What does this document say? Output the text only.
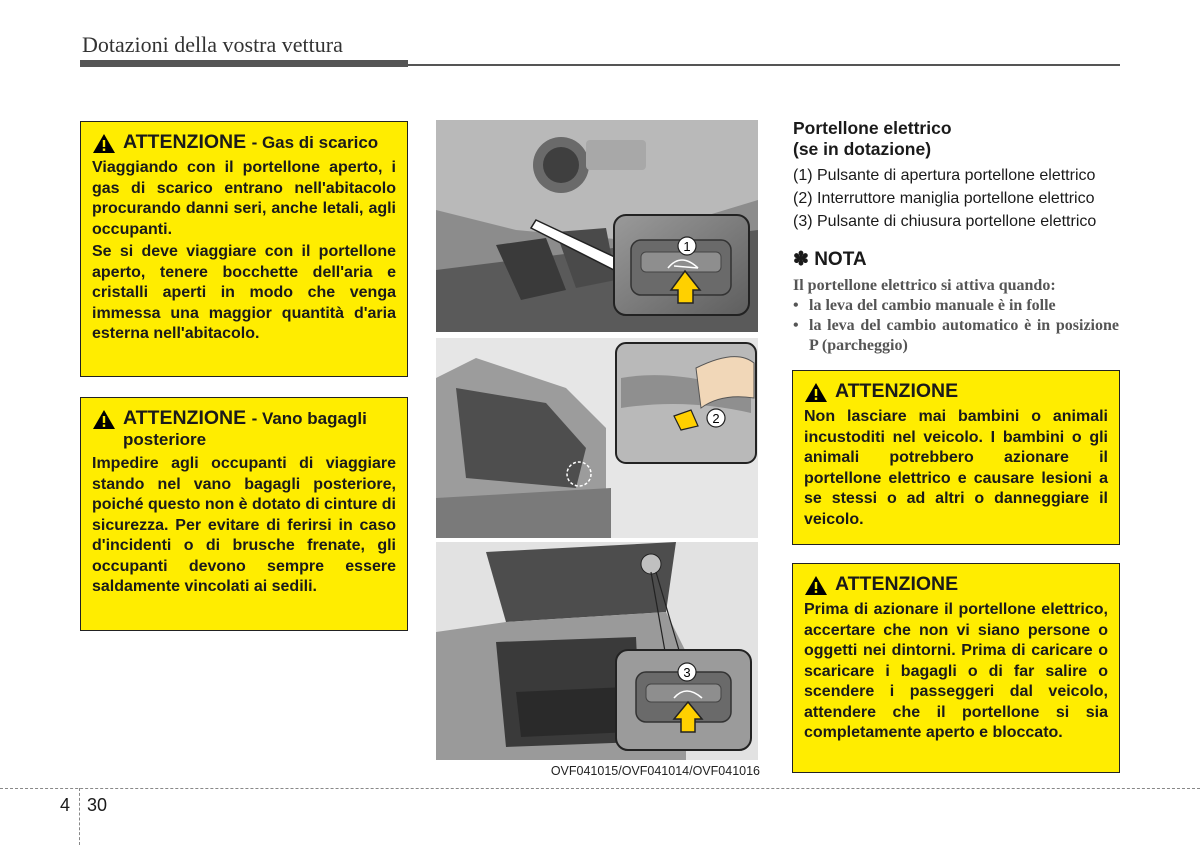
Dotazioni della vostra vettura
ATTENZIONE - Gas di scarico

Viaggiando con il portellone aperto, i gas di scarico entrano nell'abitacolo procurando danni seri, anche letali, agli occupanti.

Se si deve viaggiare con il portellone aperto, tenere bocchette dell'aria e cristalli aperti in modo che venga immessa una maggior quantità d'aria esterna nell'abitacolo.

ATTENZIONE - Vano bagagli posteriore

Impedire agli occupanti di viaggiare stando nel vano bagagli posteriore, poiché questo non è dotato di cinture di sicurezza. Per evitare di ferirsi in caso d'incidenti o di brusche frenate, gli occupanti devono sempre essere saldamente vincolati ai sedili.

1
2
3
OVF041015/OVF041014/OVF041016
Portellone elettrico
(se in dotazione)
(1) Pulsante di apertura portellone elettrico
(2) Interruttore maniglia portellone elettrico
(3) Pulsante di chiusura portellone elettrico
✽ NOTA
Il portellone elettrico si attiva quando:
• la leva del cambio manuale è in folle
• la leva del cambio automatico è in posizione P (parcheggio)
ATTENZIONE

Non lasciare mai bambini o animali incustoditi nel veicolo. I bambini o gli animali potrebbero azionare il portellone elettrico e causare lesioni a se stessi o ad altri o danneggiare il veicolo.

ATTENZIONE

Prima di azionare il portellone elettrico, accertare che non vi siano persone o oggetti nei dintorni. Prima di caricare o scaricare i bagagli o di far salire o scendere i passeggeri dal veicolo, attendere che il portellone si sia completamente aperto e bloccato.

4 30
